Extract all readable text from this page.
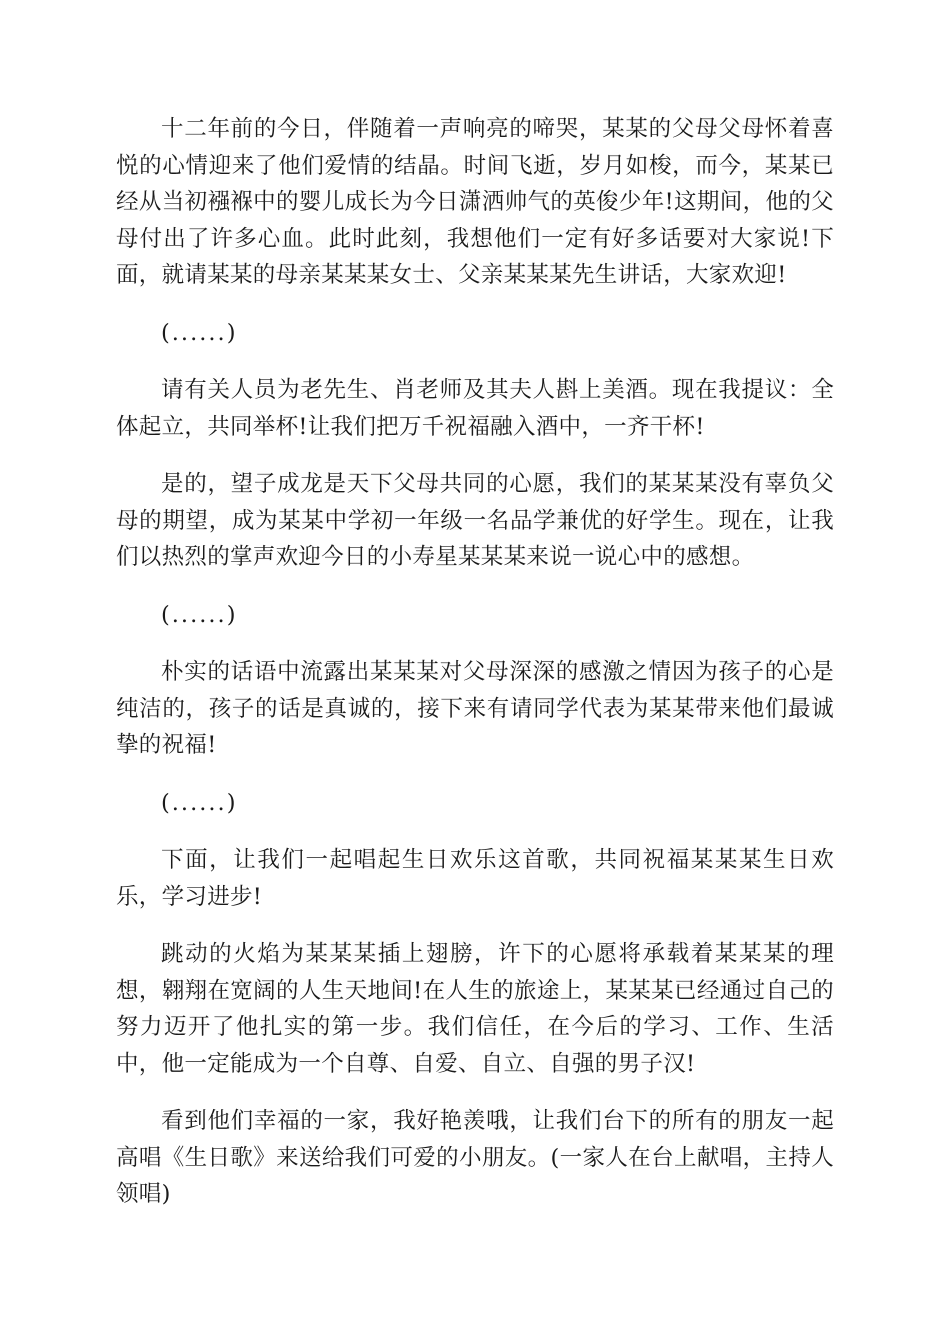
十二年前的今日，伴随着一声响亮的啼哭，某某的父母父母怀着喜悦的心情迎来了他们爱情的结晶。时间飞逝，岁月如梭，而今，某某已经从当初襁褓中的婴儿成长为今日潇洒帅气的英俊少年!这期间，他的父母付出了许多心血。此时此刻，我想他们一定有好多话要对大家说!下面，就请某某的母亲某某某女士、父亲某某某先生讲话，大家欢迎!

(......)

请有关人员为老先生、肖老师及其夫人斟上美酒。现在我提议：全体起立，共同举杯!让我们把万千祝福融入酒中，一齐干杯!

是的，望子成龙是天下父母共同的心愿，我们的某某某没有辜负父母的期望，成为某某中学初一年级一名品学兼优的好学生。现在，让我们以热烈的掌声欢迎今日的小寿星某某某来说一说心中的感想。

(......)

朴实的话语中流露出某某某对父母深深的感激之情因为孩子的心是纯洁的，孩子的话是真诚的，接下来有请同学代表为某某带来他们最诚挚的祝福!

(......)

下面，让我们一起唱起生日欢乐这首歌，共同祝福某某某生日欢乐，学习进步!

跳动的火焰为某某某插上翅膀，许下的心愿将承载着某某某的理想，翱翔在宽阔的人生天地间!在人生的旅途上，某某某已经通过自己的努力迈开了他扎实的第一步。我们信任，在今后的学习、工作、生活中，他一定能成为一个自尊、自爱、自立、自强的男子汉!

看到他们幸福的一家，我好艳羡哦，让我们台下的所有的朋友一起高唱《生日歌》来送给我们可爱的小朋友。(一家人在台上献唱，主持人领唱)
